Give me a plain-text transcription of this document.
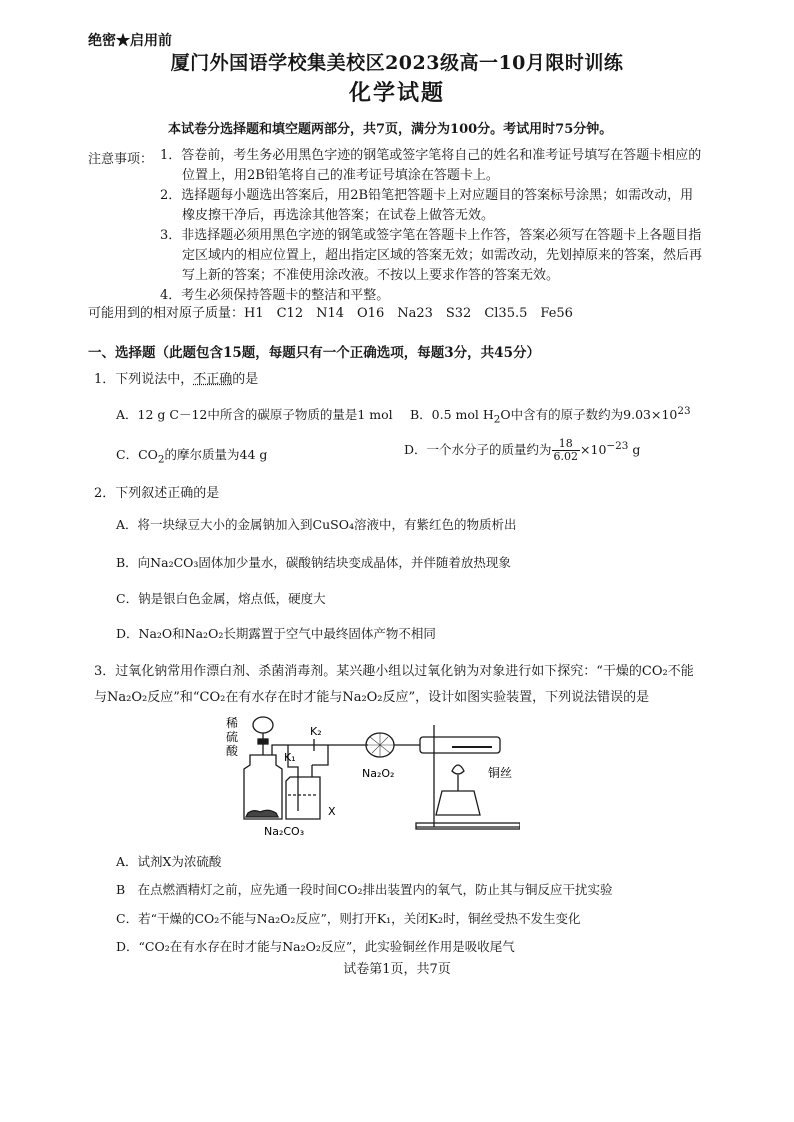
绝密★启用前
厦门外国语学校集美校区2023级高一10月限时训练
化学试题
本试卷分选择题和填空题两部分，共7页，满分为100分。考试用时75分钟。
注意事项： 1．答卷前，考生务必用黑色字迹的钢笔或签字笔将自己的姓名和准考证号填写在答题卡相应的
位置上，用2B铅笔将自己的准考证号填涂在答题卡上。
2．选择题每小题选出答案后，用2B铅笔把答题卡上对应题目的答案标号涂黑；如需改动，用
橡皮擦干净后，再选涂其他答案；在试卷上做答无效。
3．非选择题必须用黑色字迹的钢笔或签字笔在答题卡上作答，答案必须写在答题卡上各题目指
定区域内的相应位置上，超出指定区域的答案无效；如需改动，先划掉原来的答案，然后再
写上新的答案；不准使用涂改液。不按以上要求作答的答案无效。
4．考生必须保持答题卡的整洁和平整。
可能用到的相对原子质量：H1　C12　N14　O16　Na23　S32　Cl35.5　Fe56
一、选择题（此题包含15题，每题只有一个正确选项，每题3分，共45分）
1．下列说法中，不正确的是
A．12 g C－12中所含的碳原子物质的量是1 mol B．0.5 mol $H_2O$中含有的原子数约为$9.03\times 10^{23}$
C．$CO_2$的摩尔质量为44 g	D．一个水分子的质量约为 $\frac{18}{6.02} \times 10^{-23}$ g
2．下列叙述正确的是
A．将一块绿豆大小的金属钠加入到CuSO₄溶液中，有紫红色的物质析出
B．向Na₂CO₃固体加少量水，碳酸钠结块变成晶体，并伴随着放热现象
C．钠是银白色金属，熔点低，硬度大
D．Na₂O和Na₂O₂长期露置于空气中最终固体产物不相同
3．过氧化钠常用作漂白剂、杀菌消毒剂。某兴趣小组以过氧化钠为对象进行如下探究：“干燥的CO₂不能
与Na₂O₂反应”和“CO₂在有水存在时才能与Na₂O₂反应”，设计如图实验装置，下列说法错误的是
稀
硫
酸
K₂
K₁
X
Na₂O₂
Na₂CO₃
铜丝
A．试剂X为浓硫酸
B　在点燃酒精灯之前，应先通一段时间CO₂排出装置内的氧气，防止其与铜反应干扰实验
C．若“干燥的CO₂不能与Na₂O₂反应”，则打开K₁，关闭K₂时，铜丝受热不发生变化
D．“CO₂在有水存在时才能与Na₂O₂反应”，此实验铜丝作用是吸收尾气
试卷第1页，共7页
